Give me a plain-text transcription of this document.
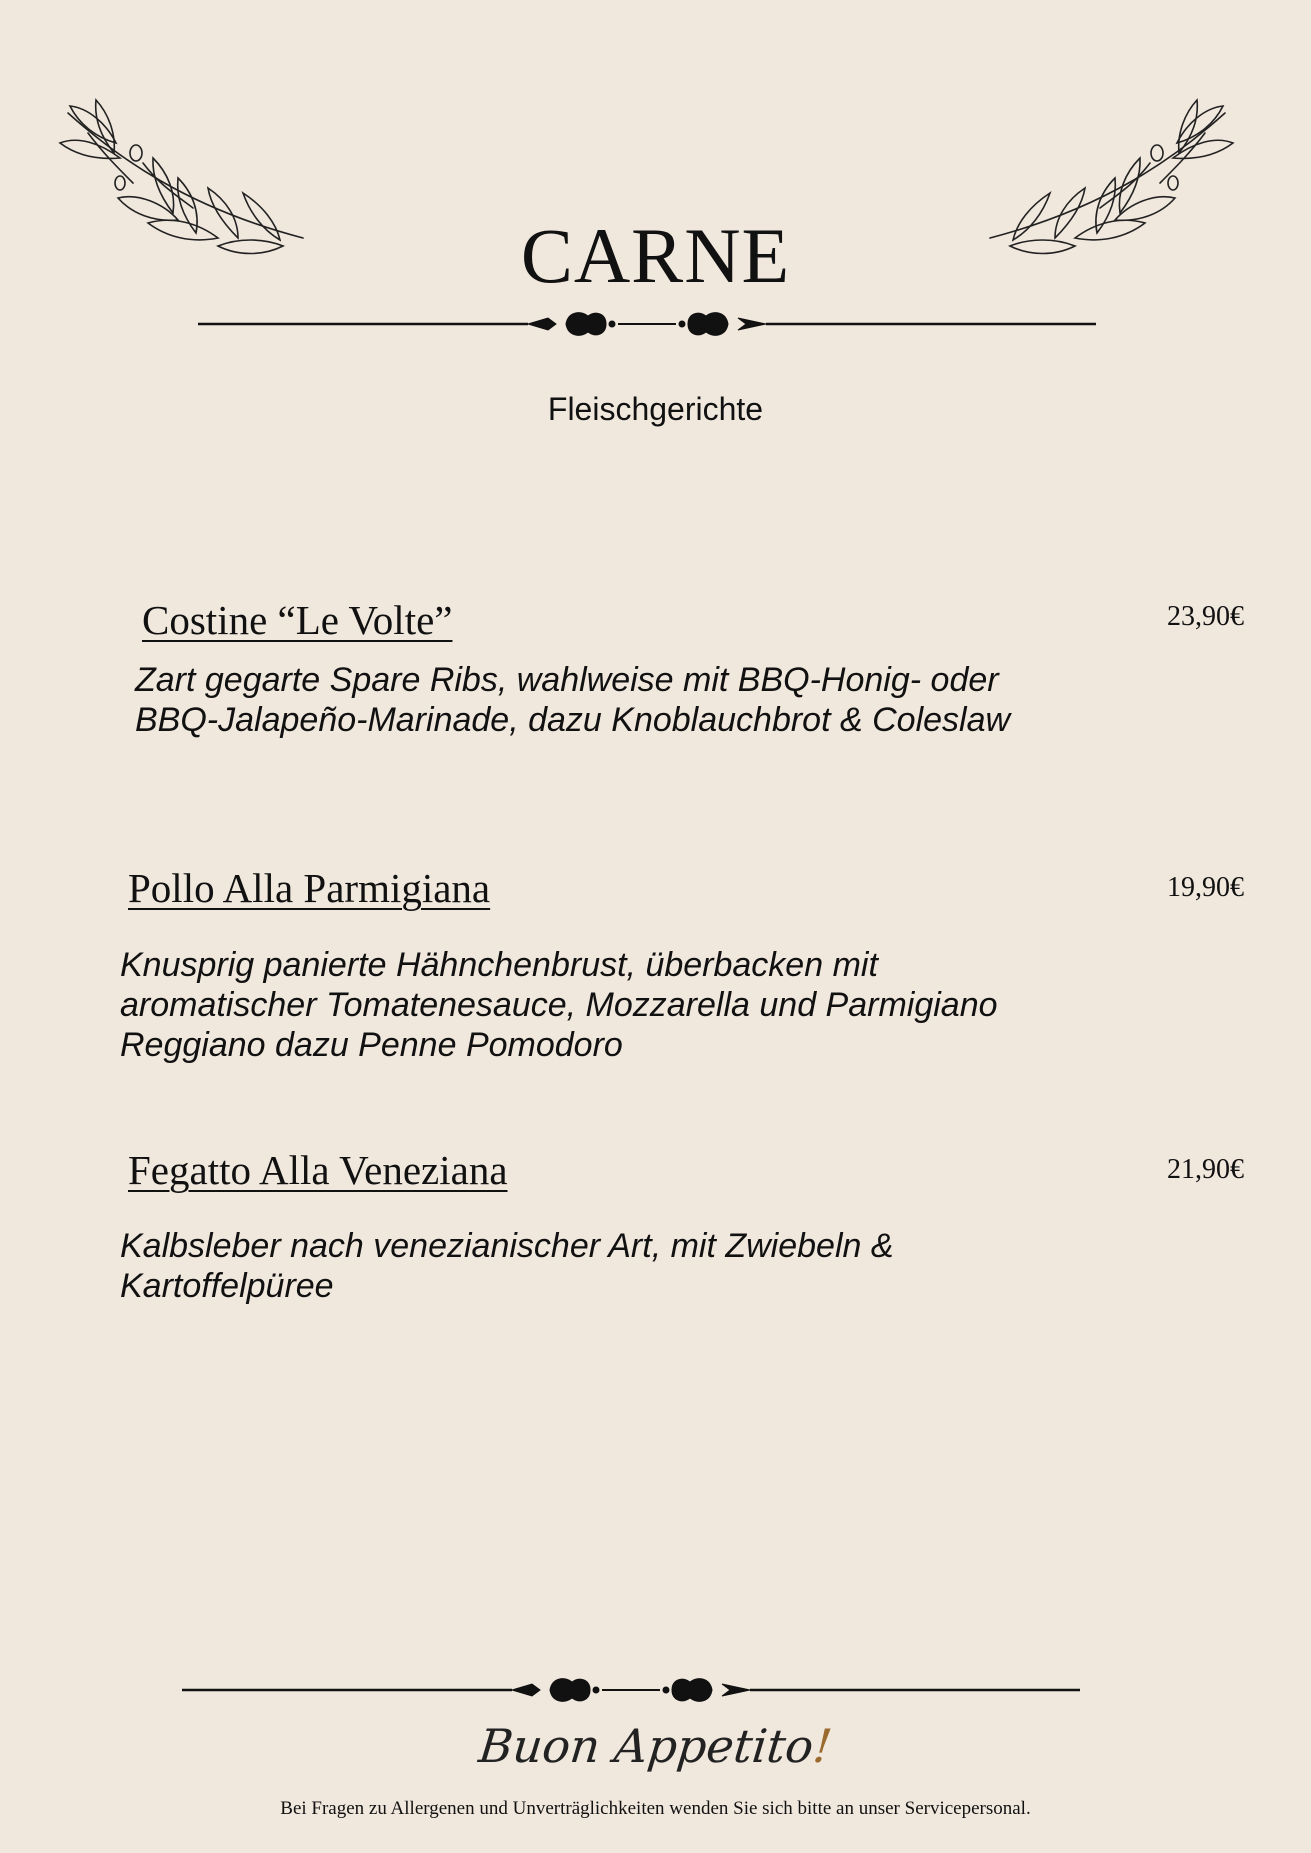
CARNE
Fleischgerichte
Costine “Le Volte”	23,90€
Zart gegarte Spare Ribs, wahlweise mit BBQ-Honig- oder BBQ-Jalapeño-Marinade, dazu Knoblauchbrot & Coleslaw
Pollo Alla Parmigiana	19,90€
Knusprig panierte Hähnchenbrust, überbacken mit aromatischer Tomatenesauce, Mozzarella und Parmigiano Reggiano dazu Penne Pomodoro
Fegatto Alla Veneziana	21,90€
Kalbsleber nach venezianischer Art, mit Zwiebeln & Kartoffelpüree
Buon Appetito!
Bei Fragen zu Allergenen und Unverträglichkeiten wenden Sie sich bitte an unser Servicepersonal.
